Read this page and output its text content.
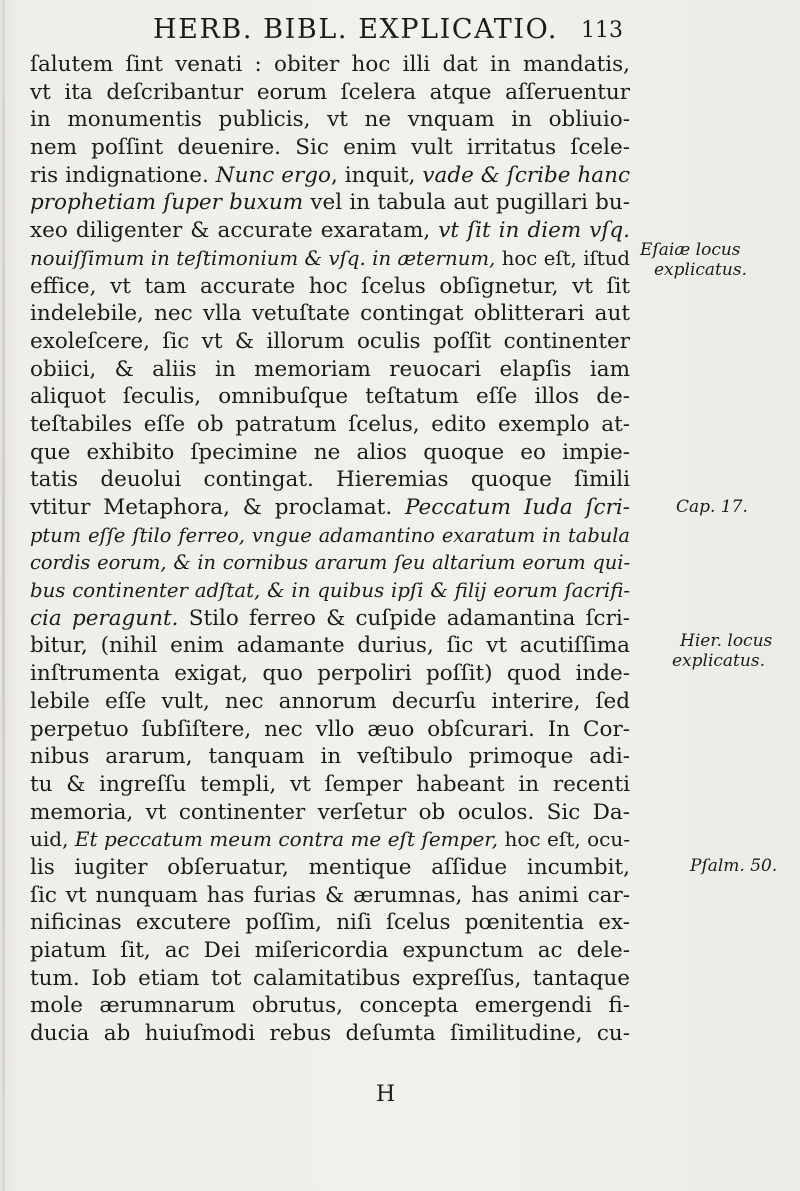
HERB. BIBL. EXPLICATIO. 113
ſalutem ſint venati : obiter hoc illi dat in mandatis,
vt ita deſcribantur eorum ſcelera atque aſſeruentur
in monumentis publicis, vt ne vnquam in obliuio-
nem poſſint deuenire. Sic enim vult irritatus ſcele-
ris indignatione. Nunc ergo, inquit, vade & ſcribe hanc
prophetiam ſuper buxum vel in tabula aut pugillari bu-
xeo diligenter & accurate exaratam, vt ſit in diem vſq.
nouiſſimum in teſtimonium & vſq. in æternum, hoc eſt, iſtud
effice, vt tam accurate hoc ſcelus obſignetur, vt ſit
indelebile, nec vlla vetuſtate contingat oblitterari aut
exoleſcere, ſic vt & illorum oculis poſſit continenter
obiici, & aliis in memoriam reuocari elapſis iam
aliquot ſeculis, omnibuſque teſtatum eſſe illos de-
teſtabiles eſſe ob patratum ſcelus, edito exemplo at-
que exhibito ſpecimine ne alios quoque eo impie-
tatis deuolui contingat. Hieremias quoque ſimili
vtitur Metaphora, & proclamat. Peccatum Iuda ſcri-
ptum eſſe ſtilo ferreo, vngue adamantino exaratum in tabula
cordis eorum, & in cornibus ararum ſeu altarium eorum qui-
bus continenter adſtat, & in quibus ipſi & filij eorum ſacrifi-
cia peragunt. Stilo ferreo & cuſpide adamantina ſcri-
bitur, (nihil enim adamante durius, ſic vt acutiſſima
inſtrumenta exigat, quo perpoliri poſſit) quod inde-
lebile eſſe vult, nec annorum decurſu interire, ſed
perpetuo ſubſiſtere, nec vllo æuo obſcurari. In Cor-
nibus ararum, tanquam in veſtibulo primoque adi-
tu & ingreſſu templi, vt ſemper habeant in recenti
memoria, vt continenter verſetur ob oculos. Sic Da-
uid, Et peccatum meum contra me eſt ſemper, hoc eſt, ocu-
lis iugiter obſeruatur, mentique aſſidue incumbit,
ſic vt nunquam has furias & ærumnas, has animi car-
nificinas excutere poſſim, niſi ſcelus pœnitentia ex-
piatum ſit, ac Dei miſericordia expunctum ac dele-
tum. Iob etiam tot calamitatibus expreſſus, tantaque
mole ærumnarum obrutus, concepta emergendi fi-
ducia ab huiuſmodi rebus deſumta ſimilitudine, cu-
Eſaiæ locus
explicatus.
Cap. 17.
Hier. locus
explicatus.
Pſalm. 50.
H
